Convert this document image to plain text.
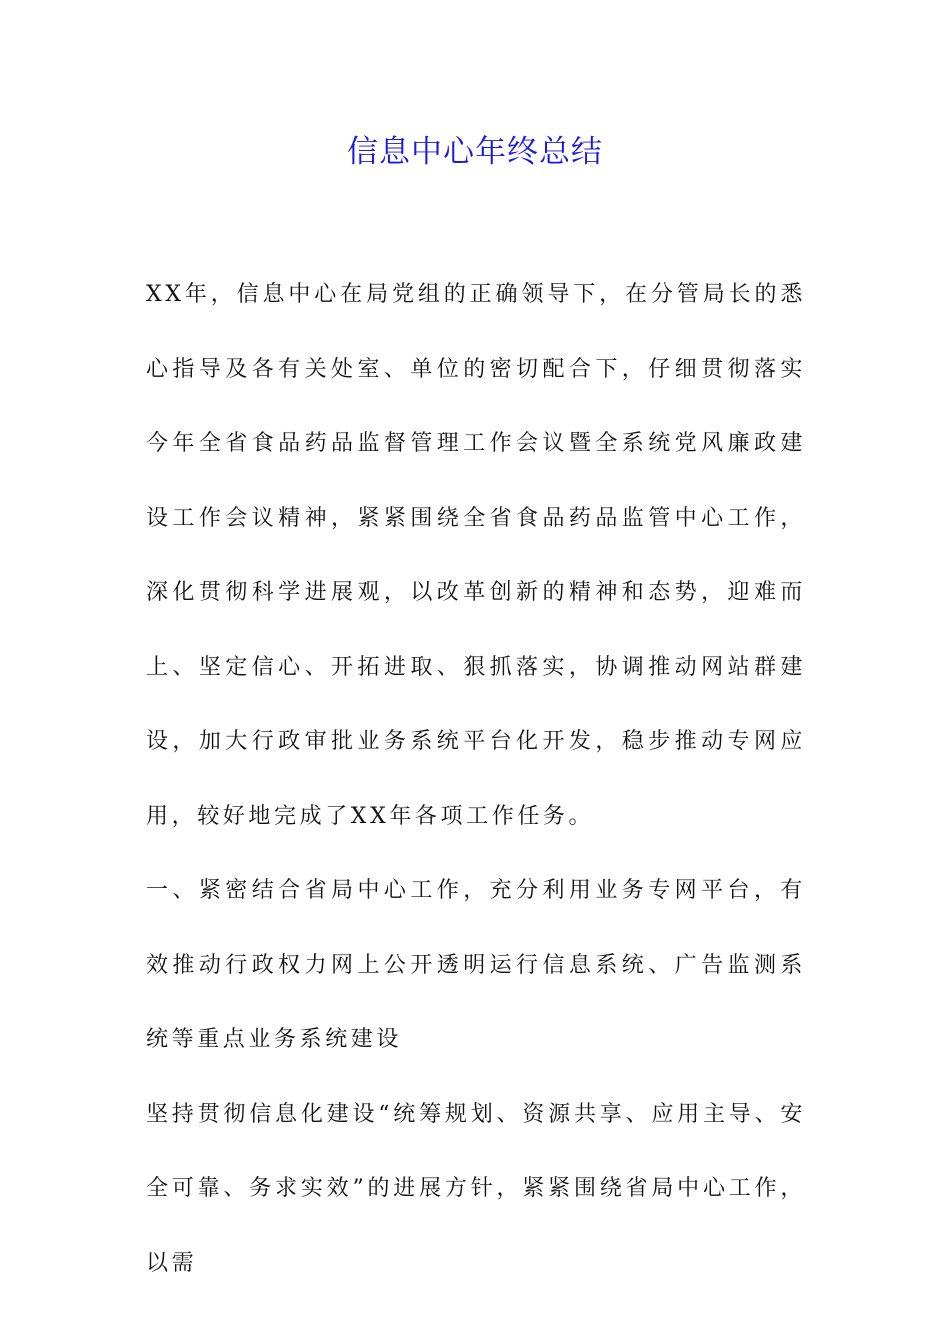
信息中心年终总结

XX年，信息中心在局党组的正确领导下，在分管局长的悉心指导及各有关处室、单位的密切配合下，仔细贯彻落实今年全省食品药品监督管理工作会议暨全系统党风廉政建设工作会议精神，紧紧围绕全省食品药品监管中心工作，深化贯彻科学进展观，以改革创新的精神和态势，迎难而上、坚定信心、开拓进取、狠抓落实，协调推动网站群建设，加大行政审批业务系统平台化开发，稳步推动专网应用，较好地完成了XX年各项工作任务。

一、紧密结合省局中心工作，充分利用业务专网平台，有效推动行政权力网上公开透明运行信息系统、广告监测系统等重点业务系统建设

坚持贯彻信息化建设“统筹规划、资源共享、应用主导、安全可靠、务求实效”的进展方针，紧紧围绕省局中心工作，以需
